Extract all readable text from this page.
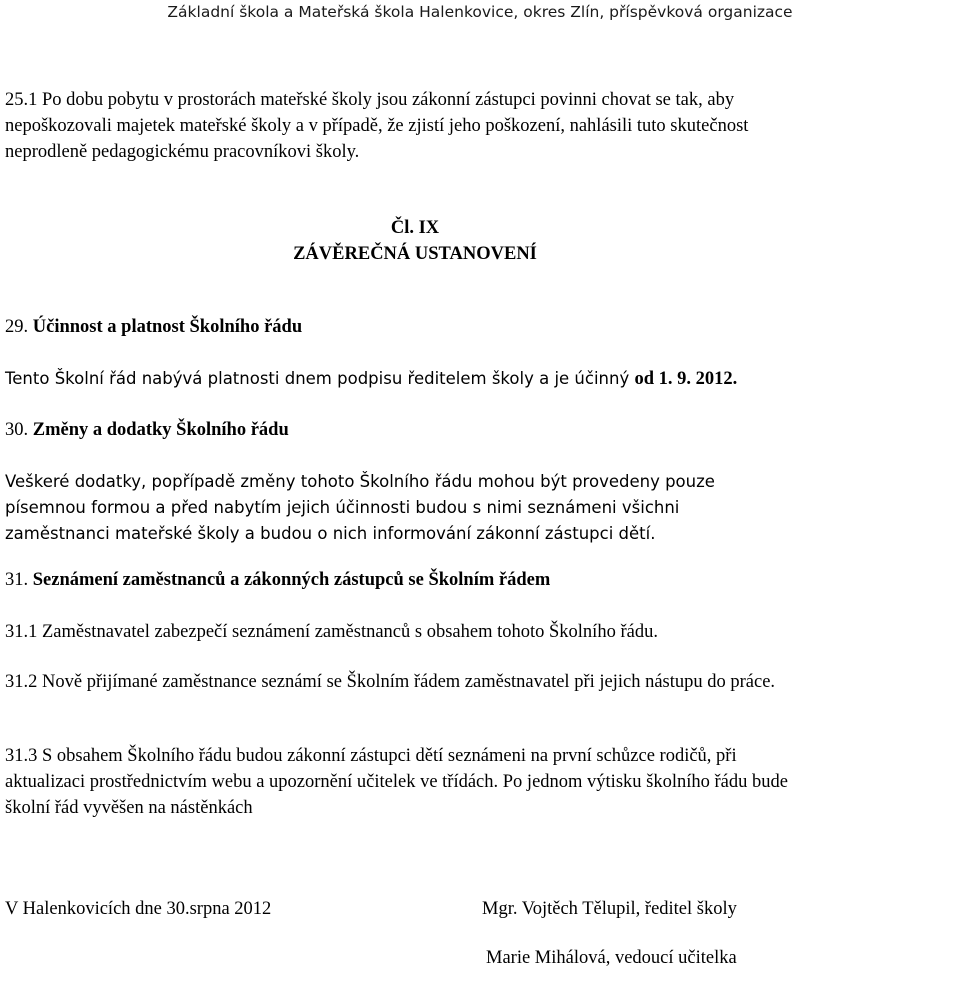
Základní škola a Mateřská škola Halenkovice, okres Zlín, příspěvková organizace
25.1 Po dobu pobytu v prostorách mateřské školy jsou zákonní zástupci povinni chovat se tak, aby nepoškozovali majetek mateřské školy a v případě, že zjistí jeho poškození, nahlásili tuto skutečnost neprodleně pedagogickému pracovníkovi školy.
Čl. IX
ZÁVĚREČNÁ USTANOVENÍ
29. Účinnost a platnost Školního řádu
Tento Školní řád nabývá platnosti dnem podpisu ředitelem školy a je účinný od 1. 9. 2012.
30. Změny a dodatky Školního řádu
Veškeré dodatky, popřípadě změny tohoto Školního řádu mohou být provedeny pouze písemnou formou a před nabytím jejich účinnosti budou s nimi seznámeni všichni zaměstnanci mateřské školy a budou o nich informování zákonní zástupci dětí.
31. Seznámení zaměstnanců a zákonných zástupců se Školním řádem
31.1 Zaměstnavatel zabezpečí seznámení zaměstnanců s obsahem tohoto Školního řádu.
31.2 Nově přijímané zaměstnance seznámí se Školním řádem zaměstnavatel při jejich nástupu do práce.
31.3 S obsahem Školního řádu budou zákonní zástupci dětí seznámeni na první schůzce rodičů, při aktualizaci prostřednictvím webu a upozornění učitelek ve třídách. Po jednom výtisku školního řádu bude školní řád vyvěšen na nástěnkách
V Halenkovicích dne 30.srpna 2012	Mgr. Vojtěch Tělupil, ředitel školy
Marie Mihálová, vedoucí učitelka
